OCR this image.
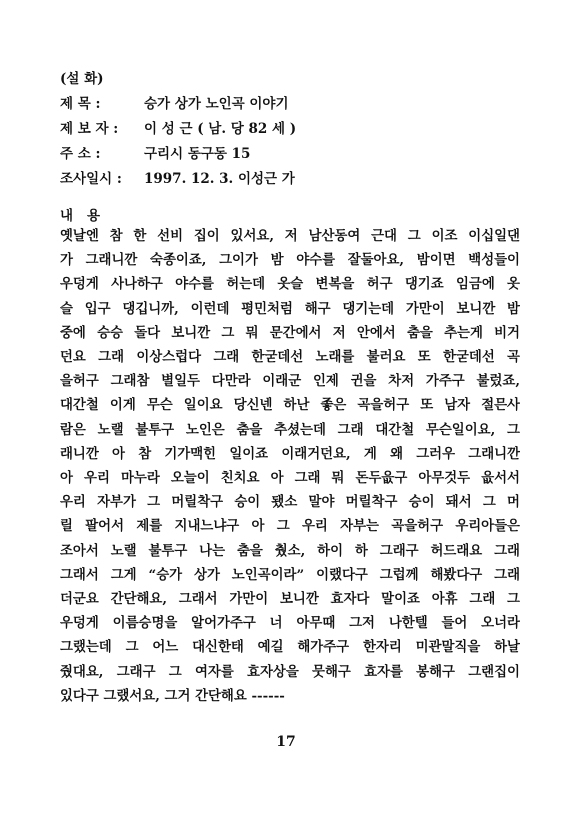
(설 화)
제 목 :	승가 상가 노인곡 이야기
제 보 자 : 이 성 근 ( 남. 당 82 세 )
주 소 :	구리시 동구동 15
조사일시 : 1997. 12. 3. 이성근 가
내용
옛날엔 참 한 선비 집이 있서요, 저 남산동여 근대 그 이조 이십일댄
가 그래니깐 숙종이죠, 그이가 밤 야수를 잘둘아요, 밤이면 백성들이
우덩게 사나하구 야수를 허는데 옷슬 변복을 허구 댕기죠 임금에 옷
슬 입구 댕깁니까, 이런데 평민처럼 해구 댕기는데 가만이 보니깐 밤
중에 승승 돌다 보니깐 그 뭐 문간에서 저 안에서 춤을 추는게 비거
던요 그래 이상스럽다 그래 한굳데선 노래를 불러요 또 한굳데선 곡
을허구 그래참 별일두 다만라 이래군 인제 귄을 차저 가주구 불렀죠,
대간철 이게 무슨 일이요 당신넨 하난 좋은 곡을허구 또 남자 절믄사
람은 노랠 불투구 노인은 춤을 추셨는데 그래 대간철 무슨일이요, 그
래니깐 아 참 기가맥힌 일이죠 이래거던요, 게 왜 그러우 그래니깐
아 우리 마누라 오늘이 친치요 아 그래 뭐 돈두읎구 아무것두 읎서서
우리 자부가 그 머릴착구 승이 됐소 말야 머릴착구 승이 돼서 그 머
릴 팔어서 제를 지내느냐구 아 그 우리 자부는 곡을허구 우리아들은
조아서 노랠 불투구 나는 춤을 췄소, 하이 하 그래구 허드래요 그래
그래서 그게 “승가 상가 노인곡이라” 이랬다구 그럽께 해봤다구 그래
더군요 간단해요, 그래서 가만이 보니깐 효자다 말이죠 아휴 그래 그
우덩게 이름승명을 알어가주구 너 아무때 그저 나한텔 들어 오너라
그랬는데 그 어느 대신한태 예길 해가주구 한자리 미관말직을 하날
줬대요, 그래구 그 여자를 효자상을 뭇해구 효자를 봉해구 그랜집이
있다구 그랬서요, 그거 간단해요 ------
17
